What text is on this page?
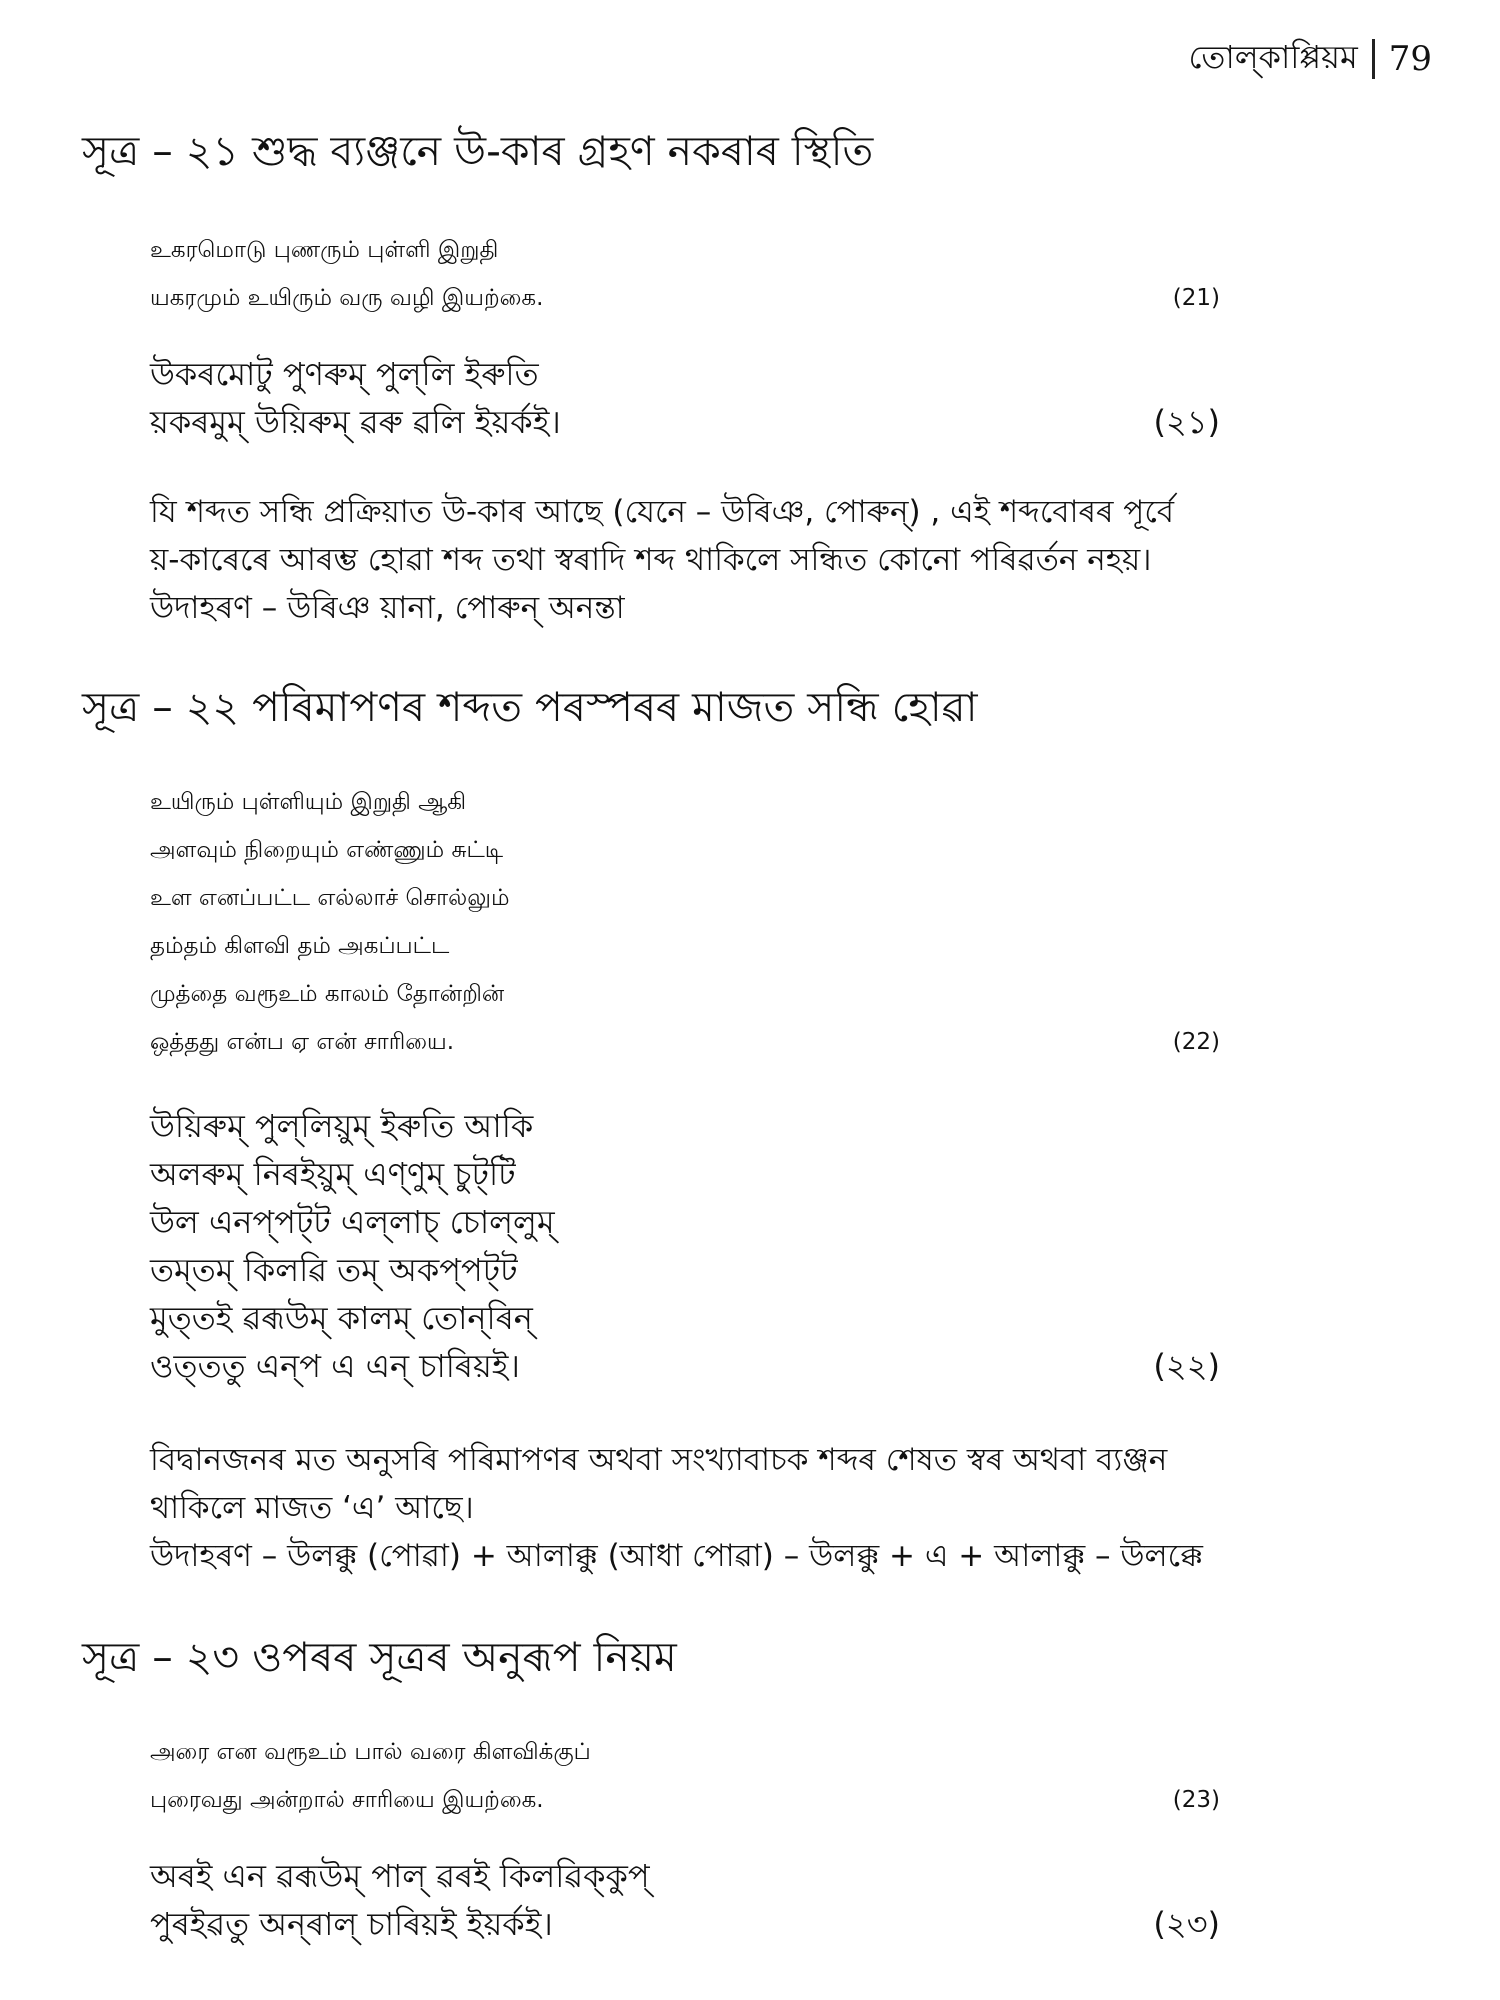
তোল্‌কাপ্পিয়ম 79
সূত্ৰ – ২১ শুদ্ধ ব্যঞ্জনে উ-কাৰ গ্ৰহণ নকৰাৰ স্থিতি
உகரமொடு புணரும் புள்ளி இறுதி
யகரமும் உயிரும் வரு வழி இயற்கை.	(21)
উকৰমোটু পুণৰুম্‌ পুল্‌লি ইৰুতি
য়কৰমুম্‌ উয়িৰুম্‌ ৱৰু ৱলি ইয়ৰ্কই।	(২১)
যি শব্দত সন্ধি প্ৰক্ৰিয়াত উ-কাৰ আছে (যেনে – উৰিঞ, পোৰুন্‌) , এই শব্দবোৰৰ পূৰ্বে
য়-কাৰেৰে আৰম্ভ হোৱা শব্দ তথা স্বৰাদি শব্দ থাকিলে সন্ধিত কোনো পৰিৱৰ্তন নহয়।
উদাহৰণ – উৰিঞ য়ানা, পোৰুন্‌ অনন্তা
সূত্ৰ – ২২ পৰিমাপণৰ শব্দত পৰস্পৰৰ মাজত সন্ধি হোৱা
உயிரும் புள்ளியும் இறுதி ஆகி
அளவும் நிறையும் எண்ணும் சுட்டி
உள எனப்பட்ட எல்லாச் சொல்லும்
தம்தம் கிளவி தம் அகப்பட்ட
முத்தை வரூஉம் காலம் தோன்றின்
ஒத்தது என்ப ஏ என் சாரியை.	(22)
উয়িৰুম্‌ পুল্‌লিয়ুম্‌ ইৰুতি আকি
অলৰুম্‌ নিৰইয়ুম্‌ এণ্‌ণুম্‌ চুট্‌টি
উল এনপ্‌পট্‌ট এল্‌লাচ্‌ চোল্‌লুম্‌
তম্‌তম্‌ কিলৱি তম্‌ অকপ্‌পট্‌ট
মুত্‌তই ৱৰূউম্‌ কালম্‌ তোন্‌ৰিন্‌
ওত্‌ততু এন্‌প এ এন্‌ চাৰিয়ই।	(২২)
বিদ্বানজনৰ মত অনুসৰি পৰিমাপণৰ অথবা সংখ্যাবাচক শব্দৰ শেষত স্বৰ অথবা ব্যঞ্জন
থাকিলে মাজত ‘এ’ আছে।
উদাহৰণ – উলক্কু (পোৱা) + আলাক্কু (আধা পোৱা) – উলক্কু + এ + আলাক্কু – উলক্কে
সূত্ৰ – ২৩ ওপৰৰ সূত্ৰৰ অনুৰূপ নিয়ম
அரை என வரூஉம் பால் வரை கிளவிக்குப்
புரைவது அன்றால் சாரியை இயற்கை.	(23)
অৰই এন ৱৰূউম্‌ পাল্‌ ৱৰই কিলৱিক্‌কুপ্‌
পুৰইৱতু অন্‌ৰাল্‌ চাৰিয়ই ইয়ৰ্কই।	(২৩)
